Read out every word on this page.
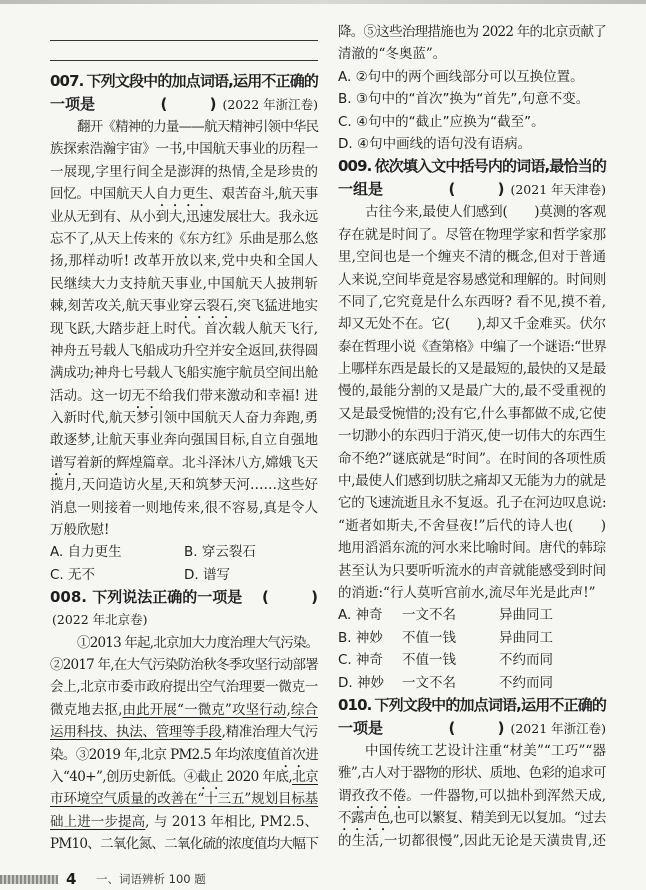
007. 下列文段中的加点词语,运用不正确的
一项是	(	) (2022 年浙江卷)
翻开《精神的力量——航天精神引领中华民
族探索浩瀚宇宙》一书,中国航天事业的历程一
一展现,字里行间全是澎湃的热情,全是珍贵的
回忆。中国航天人自力更生、艰苦奋斗,航天事
业从无到有、从小到大,迅速发展壮大。我永远
忘不了,从天上传来的《东方红》乐曲是那么悠
扬,那样动听! 改革开放以来,党中央和全国人
民继续大力支持航天事业,中国航天人披荆斩
棘,刻苦攻关,航天事业穿云裂石,突飞猛进地实
现飞跃,大踏步赶上时代。首次载人航天飞行,
神舟五号载人飞船成功升空并安全返回,获得圆
满成功;神舟七号载人飞船实施宇航员空间出舱
活动。这一切无不给我们带来激动和幸福! 进
入新时代,航天梦引领中国航天人奋力奔跑,勇
敢逐梦,让航天事业奔向强国目标,自立自强地
谱写着新的辉煌篇章。北斗泽沐八方,嫦娥飞天
揽月,天问造访火星,天和筑梦天河……这些好
消息一则接着一则地传来,很不容易,真是令人
万般欣慰!
A. 自力更生	B. 穿云裂石
C. 无不	D. 谱写
008. 下列说法正确的一项是	(	)
(2022 年北京卷)
①2013 年起,北京加大力度治理大气污染。
②2017 年,在大气污染防治秋冬季攻坚行动部署
会上,北京市委市政府提出空气治理要一微克一
微克地去抠,由此开展“一微克”攻坚行动,综合
运用科技、执法、管理等手段,精准治理大气污
染。③2019 年,北京 PM2.5 年均浓度值首次进
入“40+”,创历史新低。④截止 2020 年底,北京
市环境空气质量的改善在“十三五”规划目标基
础上进一步提高, 与 2013 年相比, PM2.5、
PM10、二氧化氮、二氧化硫的浓度值均大幅下
降。⑤这些治理措施也为 2022 年的北京贡献了
清澈的“冬奥蓝”。
A. ②句中的两个画线部分可以互换位置。
B. ③句中的“首次”换为“首先”,句意不变。
C. ④句中的“截止”应换为“截至”。
D. ④句中画线的语句没有语病。
009. 依次填入文中括号内的词语,最恰当的
一组是	(	) (2021 年天津卷)
古往今来,最使人们感到(　　)莫测的客观
存在就是时间了。尽管在物理学家和哲学家那
里,空间也是一个缠夹不清的概念,但对于普通
人来说,空间毕竟是容易感觉和理解的。时间则
不同了,它究竟是什么东西呀? 看不见,摸不着,
却又无处不在。它(　　),却又千金难买。伏尔
泰在哲理小说《查第格》中编了一个谜语:“世界
上哪样东西是最长的又是最短的,最快的又是最
慢的,最能分割的又是最广大的,最不受重视的
又是最受惋惜的;没有它,什么事都做不成,它使
一切渺小的东西归于消灭,使一切伟大的东西生
命不绝?”谜底就是“时间”。在时间的各项性质
中,最使人们感到切肤之痛却又无能为力的就是
它的飞速流逝且永不复返。孔子在河边叹息说:
“逝者如斯夫,不舍昼夜!”后代的诗人也(　　)
地用滔滔东流的河水来比喻时间。唐代的韩琮
甚至认为只要听听流水的声音就能感受到时间
的消逝:“行人莫听宫前水,流尽年光是此声!”
A. 神奇	一文不名	异曲同工
B. 神妙	不值一钱	异曲同工
C. 神奇	不值一钱	不约而同
D. 神妙	一文不名	不约而同
010. 下列文段中的加点词语,运用不正确的
一项是	(	) (2021 年浙江卷)
中国传统工艺设计注重“材美”“工巧”“器
雅”,古人对于器物的形状、质地、色彩的追求可
谓孜孜不倦。一件器物,可以拙朴到浑然天成,
不露声色,也可以繁复、精美到无以复加。“过去
的生活,一切都很慢”,因此无论是天潢贵胄,还
4	一、词语辨析 100 题
